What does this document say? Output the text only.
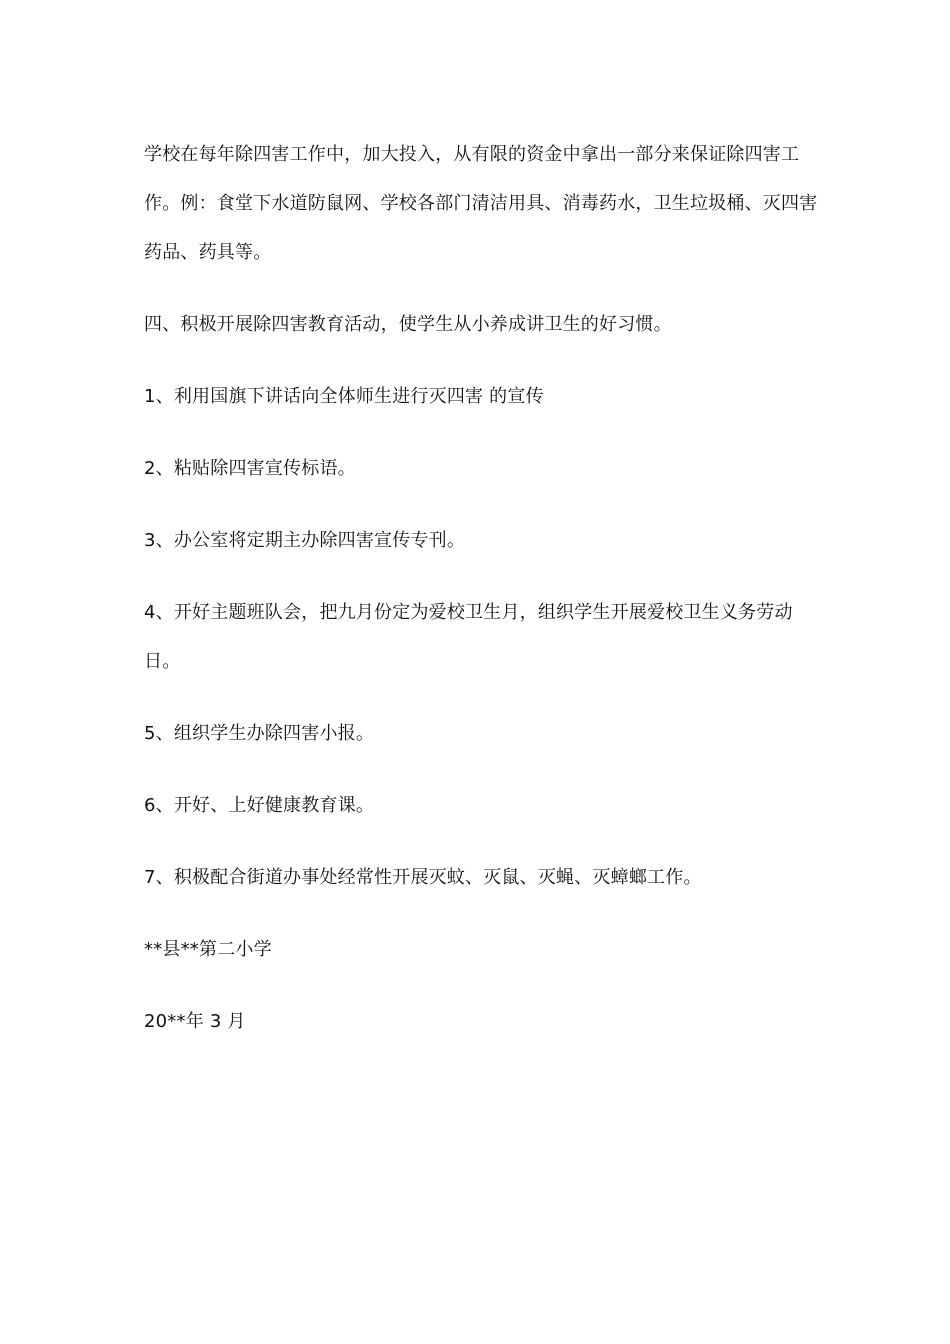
学校在每年除四害工作中，加大投入，从有限的资金中拿出一部分来保证除四害工作。例：食堂下水道防鼠网、学校各部门清洁用具、消毒药水，卫生垃圾桶、灭四害药品、药具等。

四、积极开展除四害教育活动，使学生从小养成讲卫生的好习惯。

1、利用国旗下讲话向全体师生进行灭四害 的宣传

2、粘贴除四害宣传标语。

3、办公室将定期主办除四害宣传专刊。

4、开好主题班队会，把九月份定为爱校卫生月，组织学生开展爱校卫生义务劳动日。

5、组织学生办除四害小报。

6、开好、上好健康教育课。

7、积极配合街道办事处经常性开展灭蚊、灭鼠、灭蝇、灭蟑螂工作。

**县**第二小学

20**年 3 月
